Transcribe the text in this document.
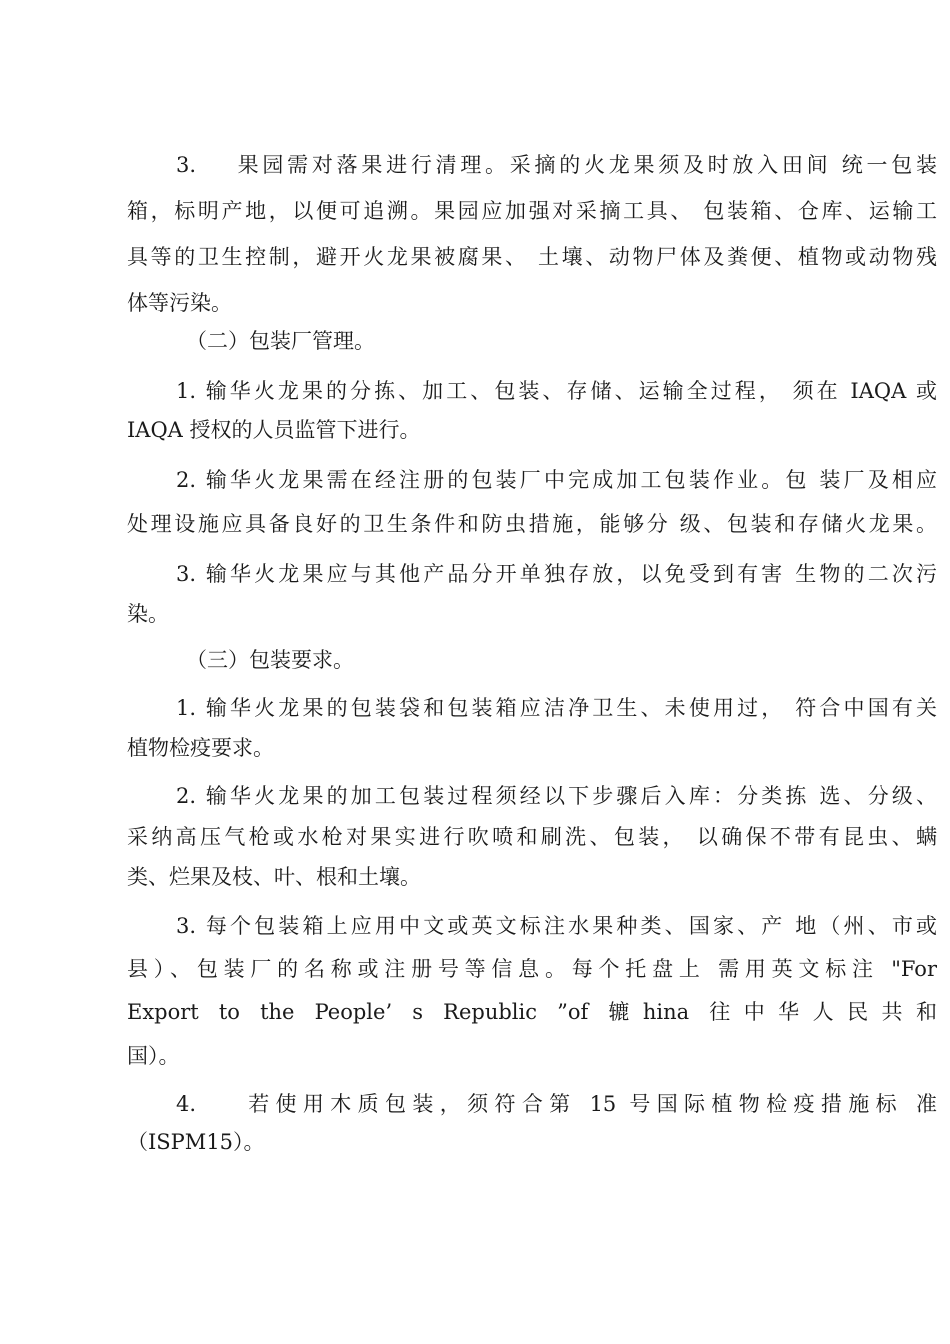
3.    果园需对落果进行清理。采摘的火龙果须及时放入田间 统一包装
箱，标明产地，以便可追溯。果园应加强对采摘工具、 包装箱、仓库、运输工
具等的卫生控制，避开火龙果被腐果、 土壤、动物尸体及粪便、植物或动物残
体等污染。
（二）包装厂管理。
1. 输华火龙果的分拣、加工、包装、存储、运输全过程， 须在 IAQA 或
IAQA 授权的人员监管下进行。
2. 输华火龙果需在经注册的包装厂中完成加工包装作业。包 装厂及相应
处理设施应具备良好的卫生条件和防虫措施，能够分 级、包装和存储火龙果。
3. 输华火龙果应与其他产品分开单独存放，以免受到有害 生物的二次污
染。
（三）包装要求。
1. 输华火龙果的包装袋和包装箱应洁净卫生、未使用过， 符合中国有关
植物检疫要求。
2. 输华火龙果的加工包装过程须经以下步骤后入库：分类拣 选、分级、
采纳高压气枪或水枪对果实进行吹喷和刷洗、包装， 以确保不带有昆虫、螨
类、烂果及枝、叶、根和土壤。
3. 每个包装箱上应用中文或英文标注水果种类、国家、产 地（州、市或
县）、包装厂的名称或注册号等信息。每个托盘上 需用英文标注 "For
Export to the People’ s Republic ”of 辘hina 往中华人民共和
国）。
4.    若使用木质包装，须符合第 15 号国际植物检疫措施标 准
（ISPM15）。
